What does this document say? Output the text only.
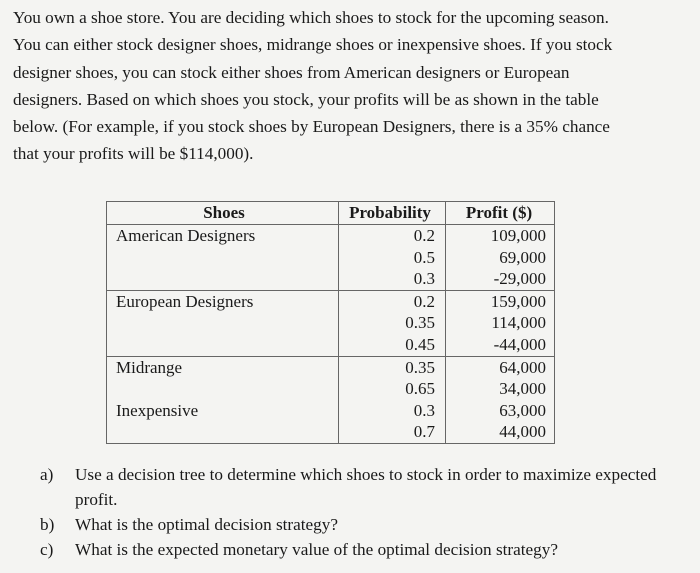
You own a shoe store. You are deciding which shoes to stock for the upcoming season.
You can either stock designer shoes, midrange shoes or inexpensive shoes. If you stock
designer shoes, you can stock either shoes from American designers or European
designers. Based on which shoes you stock, your profits will be as shown in the table
below. (For example, if you stock shoes by European Designers, there is a 35% chance
that your profits will be $114,000).
Shoes	Probability	Profit ($)
American Designers	0.2	109,000
	0.5	69,000
	0.3	-29,000
European Designers	0.2	159,000
	0.35	114,000
	0.45	-44,000
Midrange	0.35	64,000
	0.65	34,000
Inexpensive	0.3	63,000
	0.7	44,000
a)	Use a decision tree to determine which shoes to stock in order to maximize expected profit.
b)	What is the optimal decision strategy?
c)	What is the expected monetary value of the optimal decision strategy?
